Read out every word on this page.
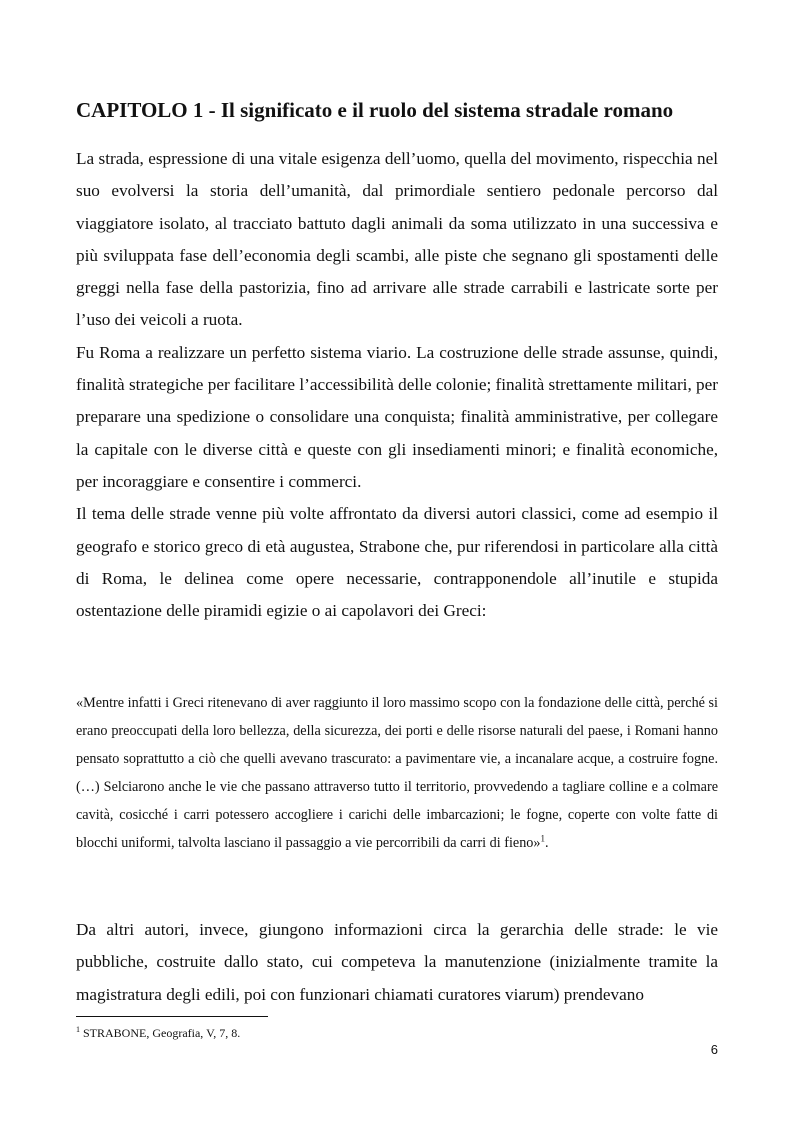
CAPITOLO 1 - Il significato e il ruolo del sistema stradale romano

La strada, espressione di una vitale esigenza dell’uomo, quella del movimento, rispecchia nel suo evolversi la storia dell’umanità, dal primordiale sentiero pedonale percorso dal viaggiatore isolato, al tracciato battuto dagli animali da soma utilizzato in una successiva e più sviluppata fase dell’economia degli scambi, alle piste che segnano gli spostamenti delle greggi nella fase della pastorizia, fino ad arrivare alle strade carrabili e lastricate sorte per l’uso dei veicoli a ruota.

Fu Roma a realizzare un perfetto sistema viario. La costruzione delle strade assunse, quindi, finalità strategiche per facilitare l’accessibilità delle colonie; finalità strettamente militari, per preparare una spedizione o consolidare una conquista; finalità amministrative, per collegare la capitale con le diverse città e queste con gli insediamenti minori; e finalità economiche, per incoraggiare e consentire i commerci.

Il tema delle strade venne più volte affrontato da diversi autori classici, come ad esempio il geografo e storico greco di età augustea, Strabone che, pur riferendosi in particolare alla città di Roma, le delinea come opere necessarie, contrapponendole all’inutile e stupida ostentazione delle piramidi egizie o ai capolavori dei Greci:

«Mentre infatti i Greci ritenevano di aver raggiunto il loro massimo scopo con la fondazione delle città, perché si erano preoccupati della loro bellezza, della sicurezza, dei porti e delle risorse naturali del paese, i Romani hanno pensato soprattutto a ciò che quelli avevano trascurato: a pavimentare vie, a incanalare acque, a costruire fogne. (…) Selciarono anche le vie che passano attraverso tutto il territorio, provvedendo a tagliare colline e a colmare cavità, cosicché i carri potessero accogliere i carichi delle imbarcazioni; le fogne, coperte con volte fatte di blocchi uniformi, talvolta lasciano il passaggio a vie percorribili da carri di fieno»$^1$.

Da altri autori, invece, giungono informazioni circa la gerarchia delle strade: le vie pubbliche, costruite dallo stato, cui competeva la manutenzione (inizialmente tramite la magistratura degli edili, poi con funzionari chiamati curatores viarum) prendevano

$^1$ STRABONE, Geografia, V, 7, 8.
6
